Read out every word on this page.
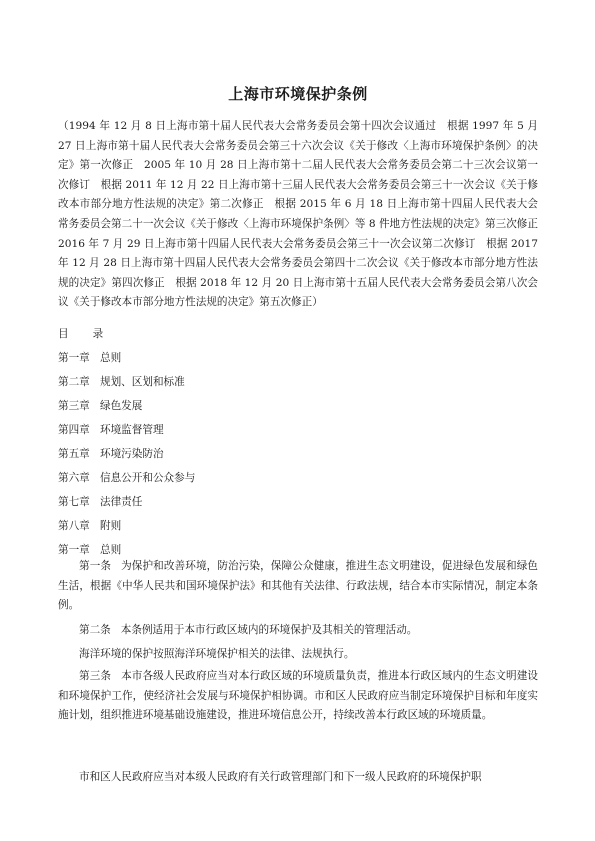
上海市环境保护条例

（1994 年 12 月 8 日上海市第十届人民代表大会常务委员会第十四次会议通过　根据 1997 年 5 月 27 日上海市第十届人民代表大会常务委员会第三十六次会议《关于修改〈上海市环境保护条例〉的决定》第一次修正　2005 年 10 月 28 日上海市第十二届人民代表大会常务委员会第二十三次会议第一次修订　根据 2011 年 12 月 22 日上海市第十三届人民代表大会常务委员会第三十一次会议《关于修改本市部分地方性法规的决定》第二次修正　根据 2015 年 6 月 18 日上海市第十四届人民代表大会常务委员会第二十一次会议《关于修改〈上海市环境保护条例〉等 8 件地方性法规的决定》第三次修正　2016 年 7 月 29 日上海市第十四届人民代表大会常务委员会第三十一次会议第二次修订　根据 2017 年 12 月 28 日上海市第十四届人民代表大会常务委员会第四十二次会议《关于修改本市部分地方性法规的决定》第四次修正　根据 2018 年 12 月 20 日上海市第十五届人民代表大会常务委员会第八次会议《关于修改本市部分地方性法规的决定》第五次修正）

目 录
第一章 总则
第二章 规划、区划和标准
第三章 绿色发展
第四章 环境监督管理
第五章 环境污染防治
第六章 信息公开和公众参与
第七章 法律责任
第八章 附则
第一章 总则

第一条 为保护和改善环境，防治污染，保障公众健康，推进生态文明建设，促进绿色发展和绿色生活，根据《中华人民共和国环境保护法》和其他有关法律、行政法规，结合本市实际情况，制定本条例。

第二条 本条例适用于本市行政区域内的环境保护及其相关的管理活动。

海洋环境的保护按照海洋环境保护相关的法律、法规执行。

第三条 本市各级人民政府应当对本行政区域的环境质量负责，推进本行政区域内的生态文明建设和环境保护工作，使经济社会发展与环境保护相协调。市和区人民政府应当制定环境保护目标和年度实施计划，组织推进环境基础设施建设，推进环境信息公开，持续改善本行政区域的环境质量。

市和区人民政府应当对本级人民政府有关行政管理部门和下一级人民政府的环境保护职
